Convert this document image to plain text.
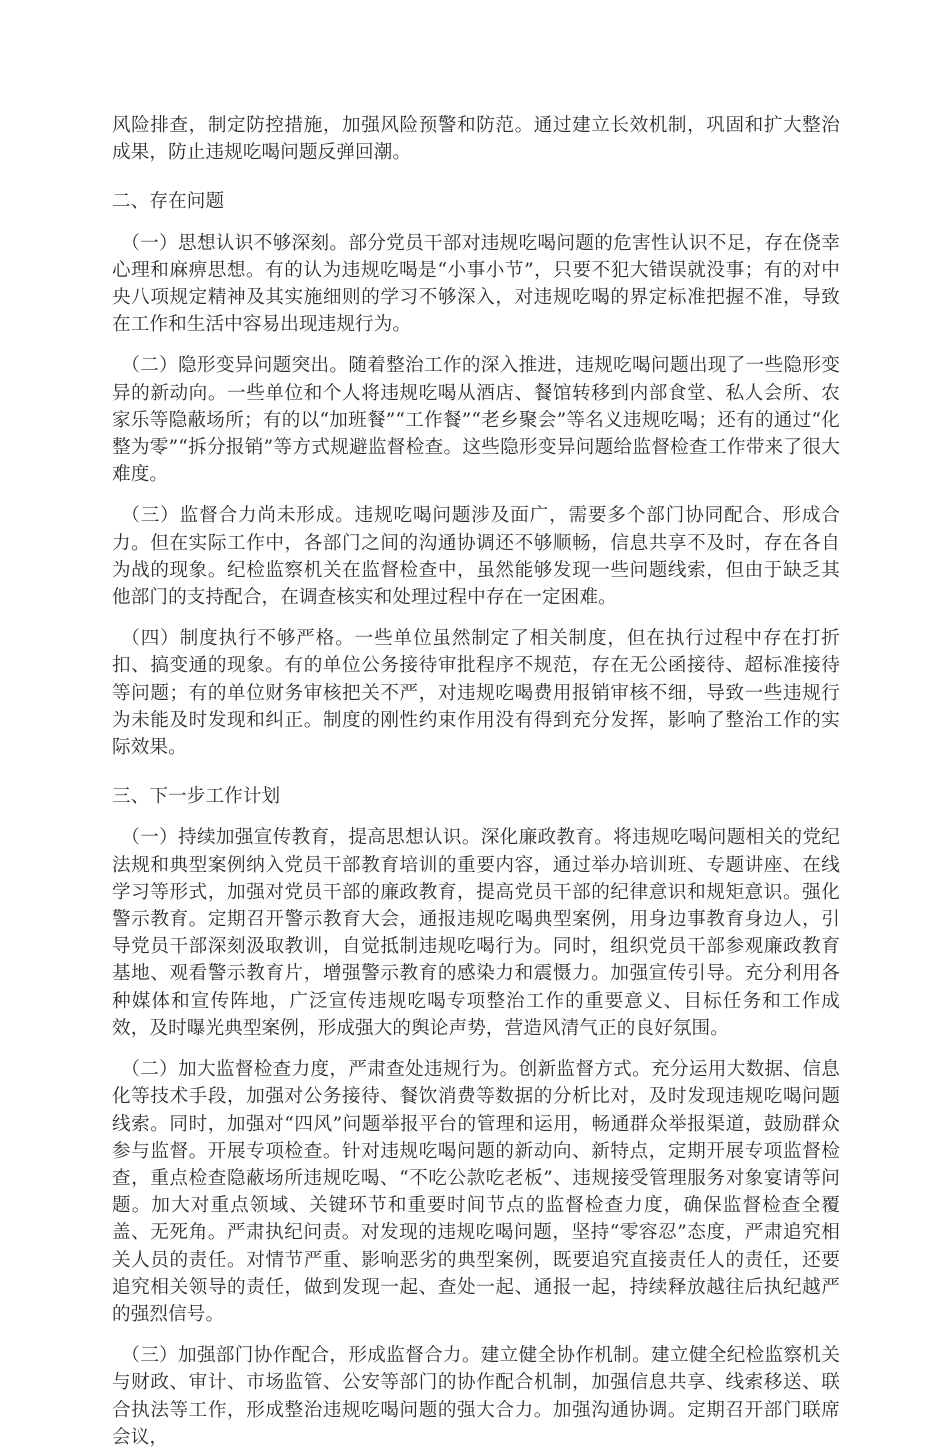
风险排查，制定防控措施，加强风险预警和防范。通过建立长效机制，巩固和扩大整治成果，防止违规吃喝问题反弹回潮。

二、存在问题

（一）思想认识不够深刻。部分党员干部对违规吃喝问题的危害性认识不足，存在侥幸心理和麻痹思想。有的认为违规吃喝是“小事小节”，只要不犯大错误就没事；有的对中央八项规定精神及其实施细则的学习不够深入，对违规吃喝的界定标准把握不准，导致在工作和生活中容易出现违规行为。

（二）隐形变异问题突出。随着整治工作的深入推进，违规吃喝问题出现了一些隐形变异的新动向。一些单位和个人将违规吃喝从酒店、餐馆转移到内部食堂、私人会所、农家乐等隐蔽场所；有的以“加班餐”“工作餐”“老乡聚会”等名义违规吃喝；还有的通过“化整为零”“拆分报销”等方式规避监督检查。这些隐形变异问题给监督检查工作带来了很大难度。

（三）监督合力尚未形成。违规吃喝问题涉及面广，需要多个部门协同配合、形成合力。但在实际工作中，各部门之间的沟通协调还不够顺畅，信息共享不及时，存在各自为战的现象。纪检监察机关在监督检查中，虽然能够发现一些问题线索，但由于缺乏其他部门的支持配合，在调查核实和处理过程中存在一定困难。

（四）制度执行不够严格。一些单位虽然制定了相关制度，但在执行过程中存在打折扣、搞变通的现象。有的单位公务接待审批程序不规范，存在无公函接待、超标准接待等问题；有的单位财务审核把关不严，对违规吃喝费用报销审核不细，导致一些违规行为未能及时发现和纠正。制度的刚性约束作用没有得到充分发挥，影响了整治工作的实际效果。

三、下一步工作计划

（一）持续加强宣传教育，提高思想认识。深化廉政教育。将违规吃喝问题相关的党纪法规和典型案例纳入党员干部教育培训的重要内容，通过举办培训班、专题讲座、在线学习等形式，加强对党员干部的廉政教育，提高党员干部的纪律意识和规矩意识。强化警示教育。定期召开警示教育大会，通报违规吃喝典型案例，用身边事教育身边人，引导党员干部深刻汲取教训，自觉抵制违规吃喝行为。同时，组织党员干部参观廉政教育基地、观看警示教育片，增强警示教育的感染力和震慑力。加强宣传引导。充分利用各种媒体和宣传阵地，广泛宣传违规吃喝专项整治工作的重要意义、目标任务和工作成效，及时曝光典型案例，形成强大的舆论声势，营造风清气正的良好氛围。

（二）加大监督检查力度，严肃查处违规行为。创新监督方式。充分运用大数据、信息化等技术手段，加强对公务接待、餐饮消费等数据的分析比对，及时发现违规吃喝问题线索。同时，加强对“四风”问题举报平台的管理和运用，畅通群众举报渠道，鼓励群众参与监督。开展专项检查。针对违规吃喝问题的新动向、新特点，定期开展专项监督检查，重点检查隐蔽场所违规吃喝、“不吃公款吃老板”、违规接受管理服务对象宴请等问题。加大对重点领域、关键环节和重要时间节点的监督检查力度，确保监督检查全覆盖、无死角。严肃执纪问责。对发现的违规吃喝问题，坚持“零容忍”态度，严肃追究相关人员的责任。对情节严重、影响恶劣的典型案例，既要追究直接责任人的责任，还要追究相关领导的责任，做到发现一起、查处一起、通报一起，持续释放越往后执纪越严的强烈信号。

（三）加强部门协作配合，形成监督合力。建立健全协作机制。建立健全纪检监察机关与财政、审计、市场监管、公安等部门的协作配合机制，加强信息共享、线索移送、联合执法等工作，形成整治违规吃喝问题的强大合力。加强沟通协调。定期召开部门联席会议，
